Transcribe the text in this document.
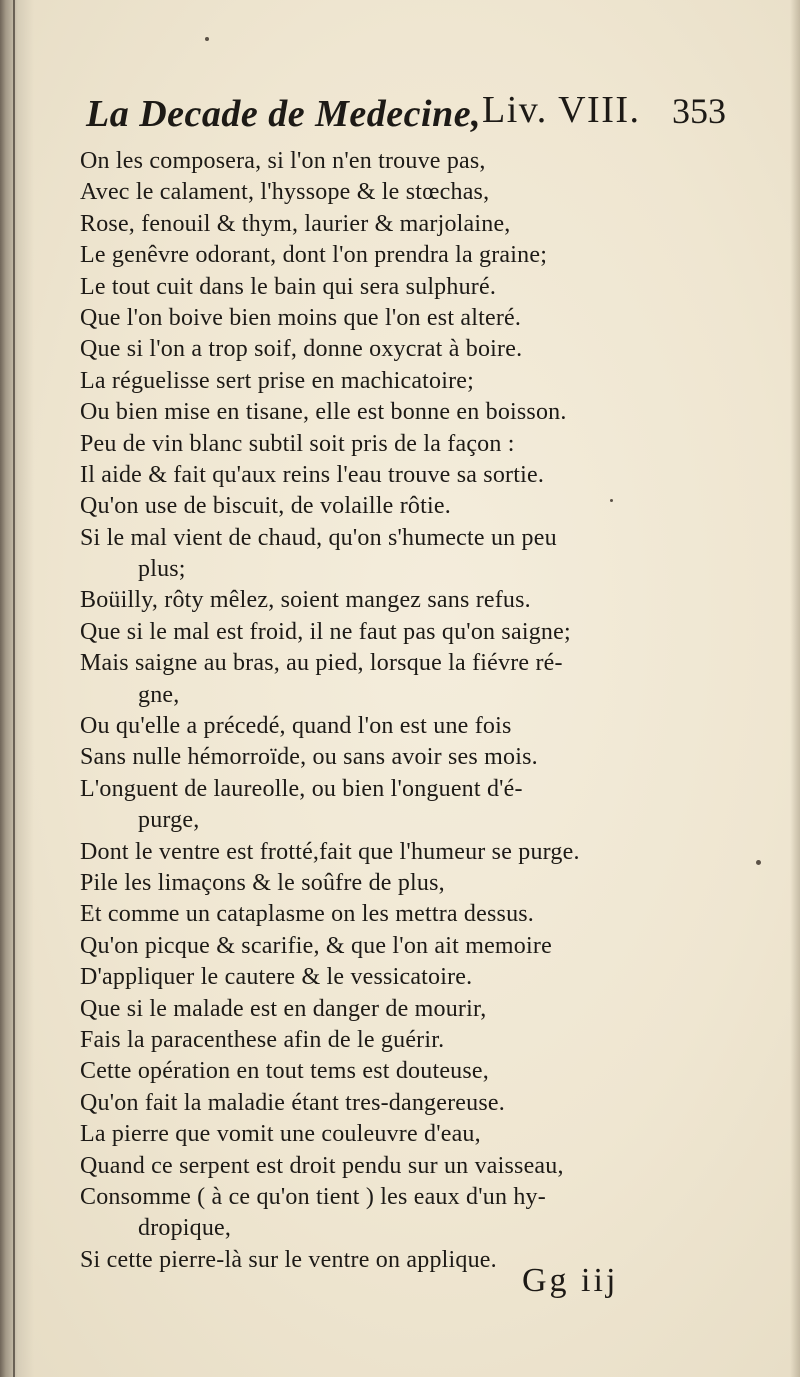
La Decade de Medecine, Liv. VIII. 353
On les composera, si l'on n'en trouve pas,
Avec le calament, l'hyssope & le stœchas,
Rose, fenouil & thym, laurier & marjolaine,
Le genêvre odorant, dont l'on prendra la graine;
Le tout cuit dans le bain qui sera sulphuré.
Que l'on boive bien moins que l'on est alteré.
Que si l'on a trop soif, donne oxycrat à boire.
La réguelisse sert prise en machicatoire;
Ou bien mise en tisane, elle est bonne en boisson.
Peu de vin blanc subtil soit pris de la façon :
Il aide & fait qu'aux reins l'eau trouve sa sortie.
Qu'on use de biscuit, de volaille rôtie.
Si le mal vient de chaud, qu'on s'humecte un peu
plus;
Boüilly, rôty mêlez, soient mangez sans refus.
Que si le mal est froid, il ne faut pas qu'on saigne;
Mais saigne au bras, au pied, lorsque la fiévre ré-
gne,
Ou qu'elle a précedé, quand l'on est une fois
Sans nulle hémorroïde, ou sans avoir ses mois.
L'onguent de laureolle, ou bien l'onguent d'é-
purge,
Dont le ventre est frotté,fait que l'humeur se purge.
Pile les limaçons & le soûfre de plus,
Et comme un cataplasme on les mettra dessus.
Qu'on picque & scarifie, & que l'on ait memoire
D'appliquer le cautere & le vessicatoire.
Que si le malade est en danger de mourir,
Fais la paracenthese afin de le guérir.
Cette opération en tout tems est douteuse,
Qu'on fait la maladie étant tres-dangereuse.
La pierre que vomit une couleuvre d'eau,
Quand ce serpent est droit pendu sur un vaisseau,
Consomme ( à ce qu'on tient ) les eaux d'un hy-
dropique,
Si cette pierre-là sur le ventre on applique.
Gg iij
